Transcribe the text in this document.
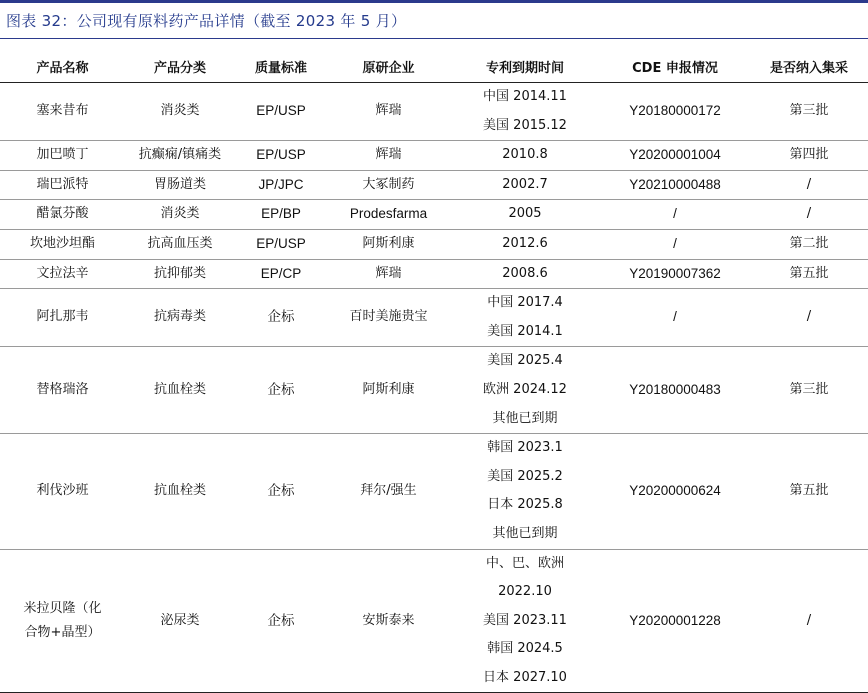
图表 32：公司现有原料药产品详情（截至 2023 年 5 月）
产品名称	产品分类	质量标准	原研企业	专利到期时间	CDE 申报情况	是否纳入集采

塞来昔布	消炎类	EP/USP	辉瑞	中国 2014.11
美国 2015.12	Y20180000172	第三批

加巴喷丁	抗癫痫/镇痛类	EP/USP	辉瑞	2010.8	Y20200001004	第四批

瑞巴派特	胃肠道类	JP/JPC	大冢制药	2002.7	Y20210000488	/

醋氯芬酸	消炎类	EP/BP	Prodesfarma	2005	/	/

坎地沙坦酯	抗高血压类	EP/USP	阿斯利康	2012.6	/	第二批

文拉法辛	抗抑郁类	EP/CP	辉瑞	2008.6	Y20190007362	第五批

阿扎那韦	抗病毒类	企标	百时美施贵宝	中国 2017.4
美国 2014.1	/	/

替格瑞洛	抗血栓类	企标	阿斯利康	美国 2025.4
欧洲 2024.12
其他已到期	Y20180000483	第三批

利伐沙班	抗血栓类	企标	拜尔/强生	韩国 2023.1
美国 2025.2
日本 2025.8
其他已到期	Y20200000624	第五批

米拉贝隆（化
合物+晶型）	泌尿类	企标	安斯泰来	中、巴、欧洲
2022.10
美国 2023.11
韩国 2024.5
日本 2027.10	Y20200001228	/
